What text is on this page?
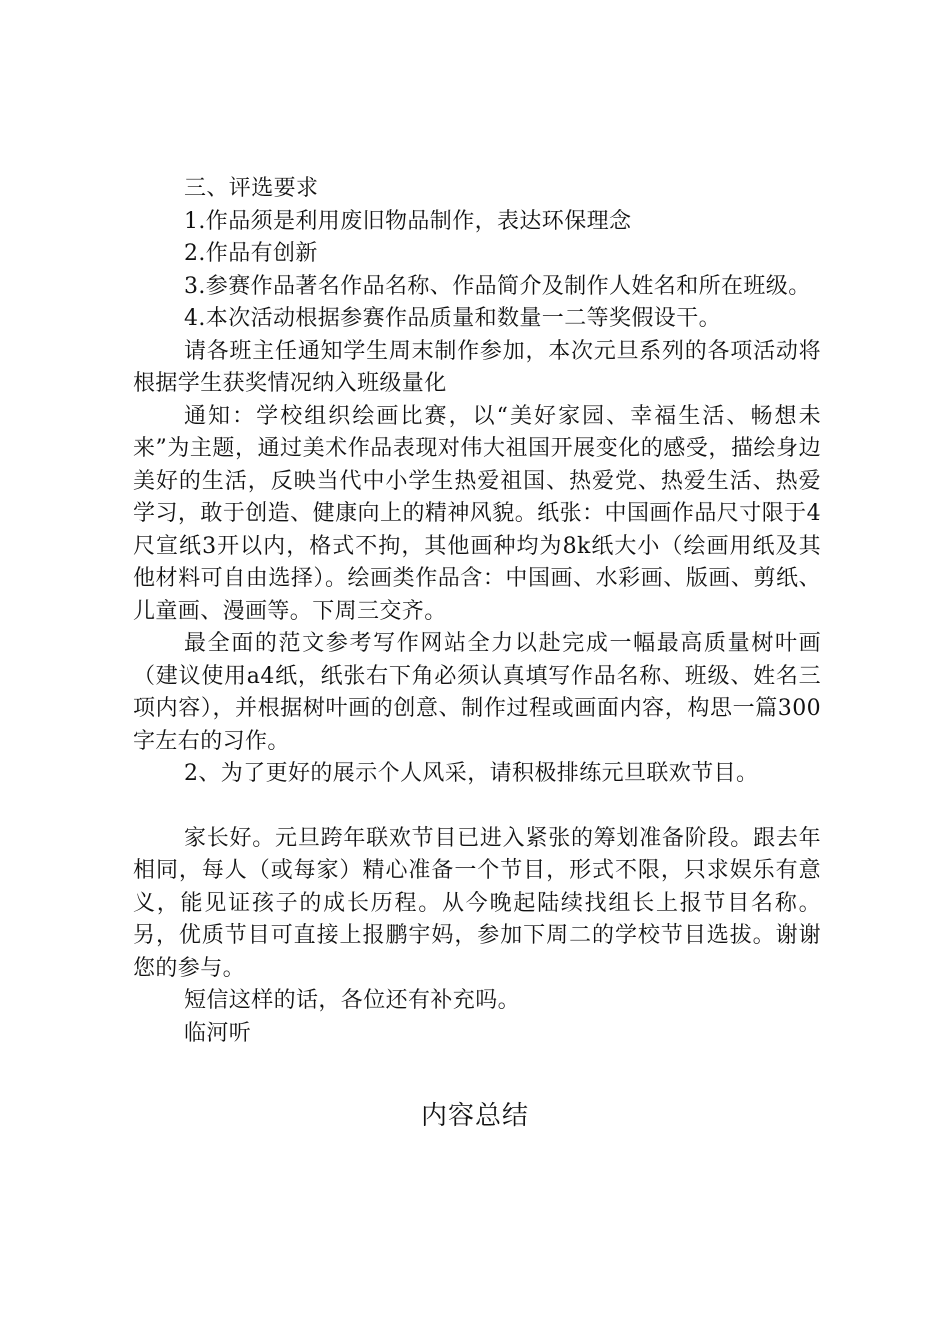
三、评选要求

1.作品须是利用废旧物品制作，表达环保理念

2.作品有创新

3.参赛作品著名作品名称、作品简介及制作人姓名和所在班级。

4.本次活动根据参赛作品质量和数量一二等奖假设干。

请各班主任通知学生周末制作参加，本次元旦系列的各项活动将根据学生获奖情况纳入班级量化

通知：学校组织绘画比赛，以“美好家园、幸福生活、畅想未来”为主题，通过美术作品表现对伟大祖国开展变化的感受，描绘身边美好的生活，反映当代中小学生热爱祖国、热爱党、热爱生活、热爱学习，敢于创造、健康向上的精神风貌。纸张：中国画作品尺寸限于4尺宣纸3开以内，格式不拘，其他画种均为8k纸大小（绘画用纸及其他材料可自由选择）。绘画类作品含：中国画、水彩画、版画、剪纸、儿童画、漫画等。下周三交齐。

最全面的范文参考写作网站全力以赴完成一幅最高质量树叶画（建议使用a4纸，纸张右下角必须认真填写作品名称、班级、姓名三项内容），并根据树叶画的创意、制作过程或画面内容，构思一篇300字左右的习作。

2、为了更好的展示个人风采，请积极排练元旦联欢节目。

家长好。元旦跨年联欢节目已进入紧张的筹划准备阶段。跟去年相同，每人（或每家）精心准备一个节目，形式不限，只求娱乐有意义，能见证孩子的成长历程。从今晚起陆续找组长上报节目名称。另，优质节目可直接上报鹏宇妈，参加下周二的学校节目选拔。谢谢您的参与。

短信这样的话，各位还有补充吗。

临河听

内容总结
